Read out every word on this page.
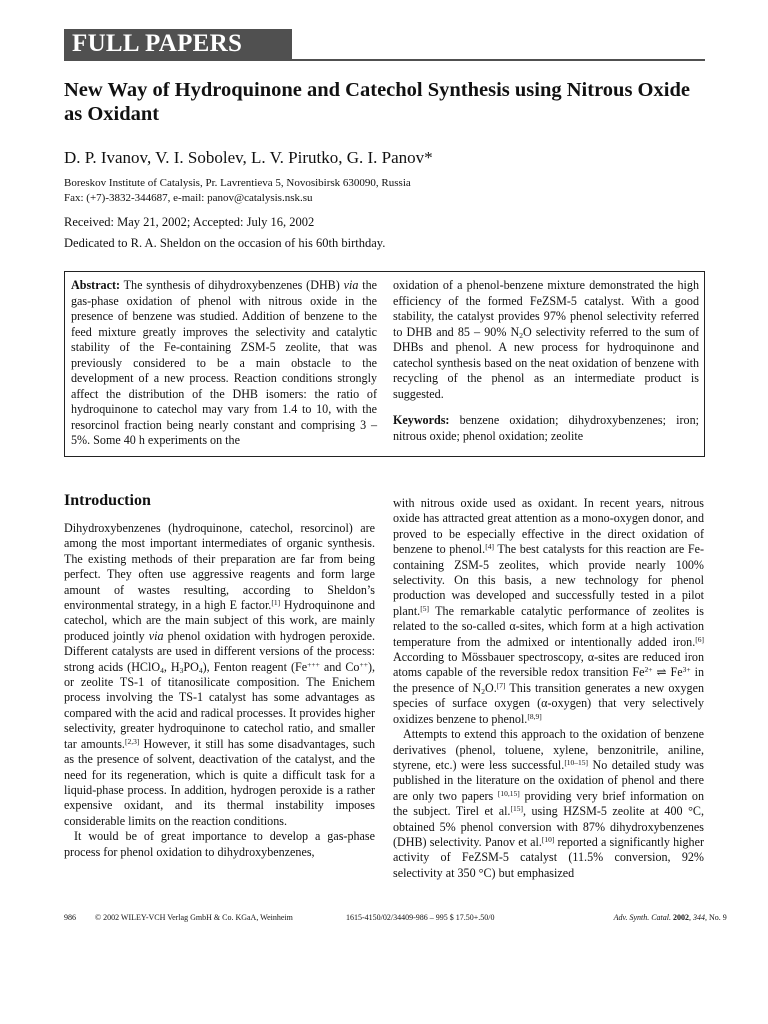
FULL PAPERS
New Way of Hydroquinone and Catechol Synthesis using Nitrous Oxide as Oxidant

D. P. Ivanov, V. I. Sobolev, L. V. Pirutko, G. I. Panov*

Boreskov Institute of Catalysis, Pr. Lavrentieva 5, Novosibirsk 630090, Russia
Fax: (+7)-3832-344687, e-mail: panov@catalysis.nsk.su
Received: May 21, 2002; Accepted: July 16, 2002
Dedicated to R. A. Sheldon on the occasion of his 60th birthday.

Abstract: The synthesis of dihydroxybenzenes (DHB) via the gas-phase oxidation of phenol with nitrous oxide in the presence of benzene was studied. Addition of benzene to the feed mixture greatly improves the selectivity and catalytic stability of the Fe-containing ZSM-5 zeolite, that was previously considered to be a main obstacle to the development of a new process. Reaction conditions strongly affect the distribution of the DHB isomers: the ratio of hydroquinone to catechol may vary from 1.4 to 10, with the resorcinol fraction being nearly constant and comprising 3 – 5%. Some 40 h experiments on the

oxidation of a phenol-benzene mixture demonstrated the high efficiency of the formed FeZSM-5 catalyst. With a good stability, the catalyst provides 97% phenol selectivity referred to DHB and 85 – 90% $N_2O$ selectivity referred to the sum of DHBs and phenol. A new process for hydroquinone and catechol synthesis based on the neat oxidation of benzene with recycling of the phenol as an intermediate product is suggested.

Keywords: benzene oxidation; dihydroxybenzenes; iron; nitrous oxide; phenol oxidation; zeolite

Introduction

Dihydroxybenzenes (hydroquinone, catechol, resorcinol) are among the most important intermediates of organic synthesis. The existing methods of their preparation are far from being perfect. They often use aggressive reagents and form large amount of wastes resulting, according to Sheldon’s environmental strategy, in a high E factor.[1] Hydroquinone and catechol, which are the main subject of this work, are mainly produced jointly via phenol oxidation with hydrogen peroxide. Different catalysts are used in different versions of the process: strong acids (HClO$_4$, $H_3PO_4$), Fenton reagent (Fe+++ and Co++), or zeolite TS-1 of titanosilicate composition. The Enichem process involving the TS-1 catalyst has some advantages as compared with the acid and radical processes. It provides higher selectivity, greater hydroquinone to catechol ratio, and smaller tar amounts.[2,3] However, it still has some disadvantages, such as the presence of solvent, deactivation of the catalyst, and the need for its regeneration, which is quite a difficult task for a liquid-phase process. In addition, hydrogen peroxide is a rather expensive oxidant, and its thermal instability imposes considerable limits on the reaction conditions.

It would be of great importance to develop a gas-phase process for phenol oxidation to dihydroxybenzenes,

with nitrous oxide used as oxidant. In recent years, nitrous oxide has attracted great attention as a mono-oxygen donor, and proved to be especially effective in the direct oxidation of benzene to phenol.[4] The best catalysts for this reaction are Fe-containing ZSM-5 zeolites, which provide nearly 100% selectivity. On this basis, a new technology for phenol production was developed and successfully tested in a pilot plant.[5] The remarkable catalytic performance of zeolites is related to the so-called α-sites, which form at a high activation temperature from the admixed or intentionally added iron.[6] According to Mössbauer spectroscopy, α-sites are reduced iron atoms capable of the reversible redox transition $Fe^{2+}$ ⇌ $Fe^{3+}$ in the presence of $N_2O.[7]$ This transition generates a new oxygen species of surface oxygen (α-oxygen) that very selectively oxidizes benzene to phenol.[8,9]

Attempts to extend this approach to the oxidation of benzene derivatives (phenol, toluene, xylene, benzonitrile, aniline, styrene, etc.) were less successful.[10–15] No detailed study was published in the literature on the oxidation of phenol and there are only two papers [10,15] providing very brief information on the subject. Tirel et al.[15], using HZSM-5 zeolite at 400 °C, obtained 5% phenol conversion with 87% dihydroxybenzenes (DHB) selectivity. Panov et al.[10] reported a significantly higher activity of FeZSM-5 catalyst (11.5% conversion, 92% selectivity at 350 °C) but emphasized

986 © 2002 WILEY-VCH Verlag GmbH & Co. KGaA, Weinheim	1615-4150/02/34409-986 – 995 $ 17.50+.50/0	Adv. Synth. Catal. 2002, 344 , No. 9
